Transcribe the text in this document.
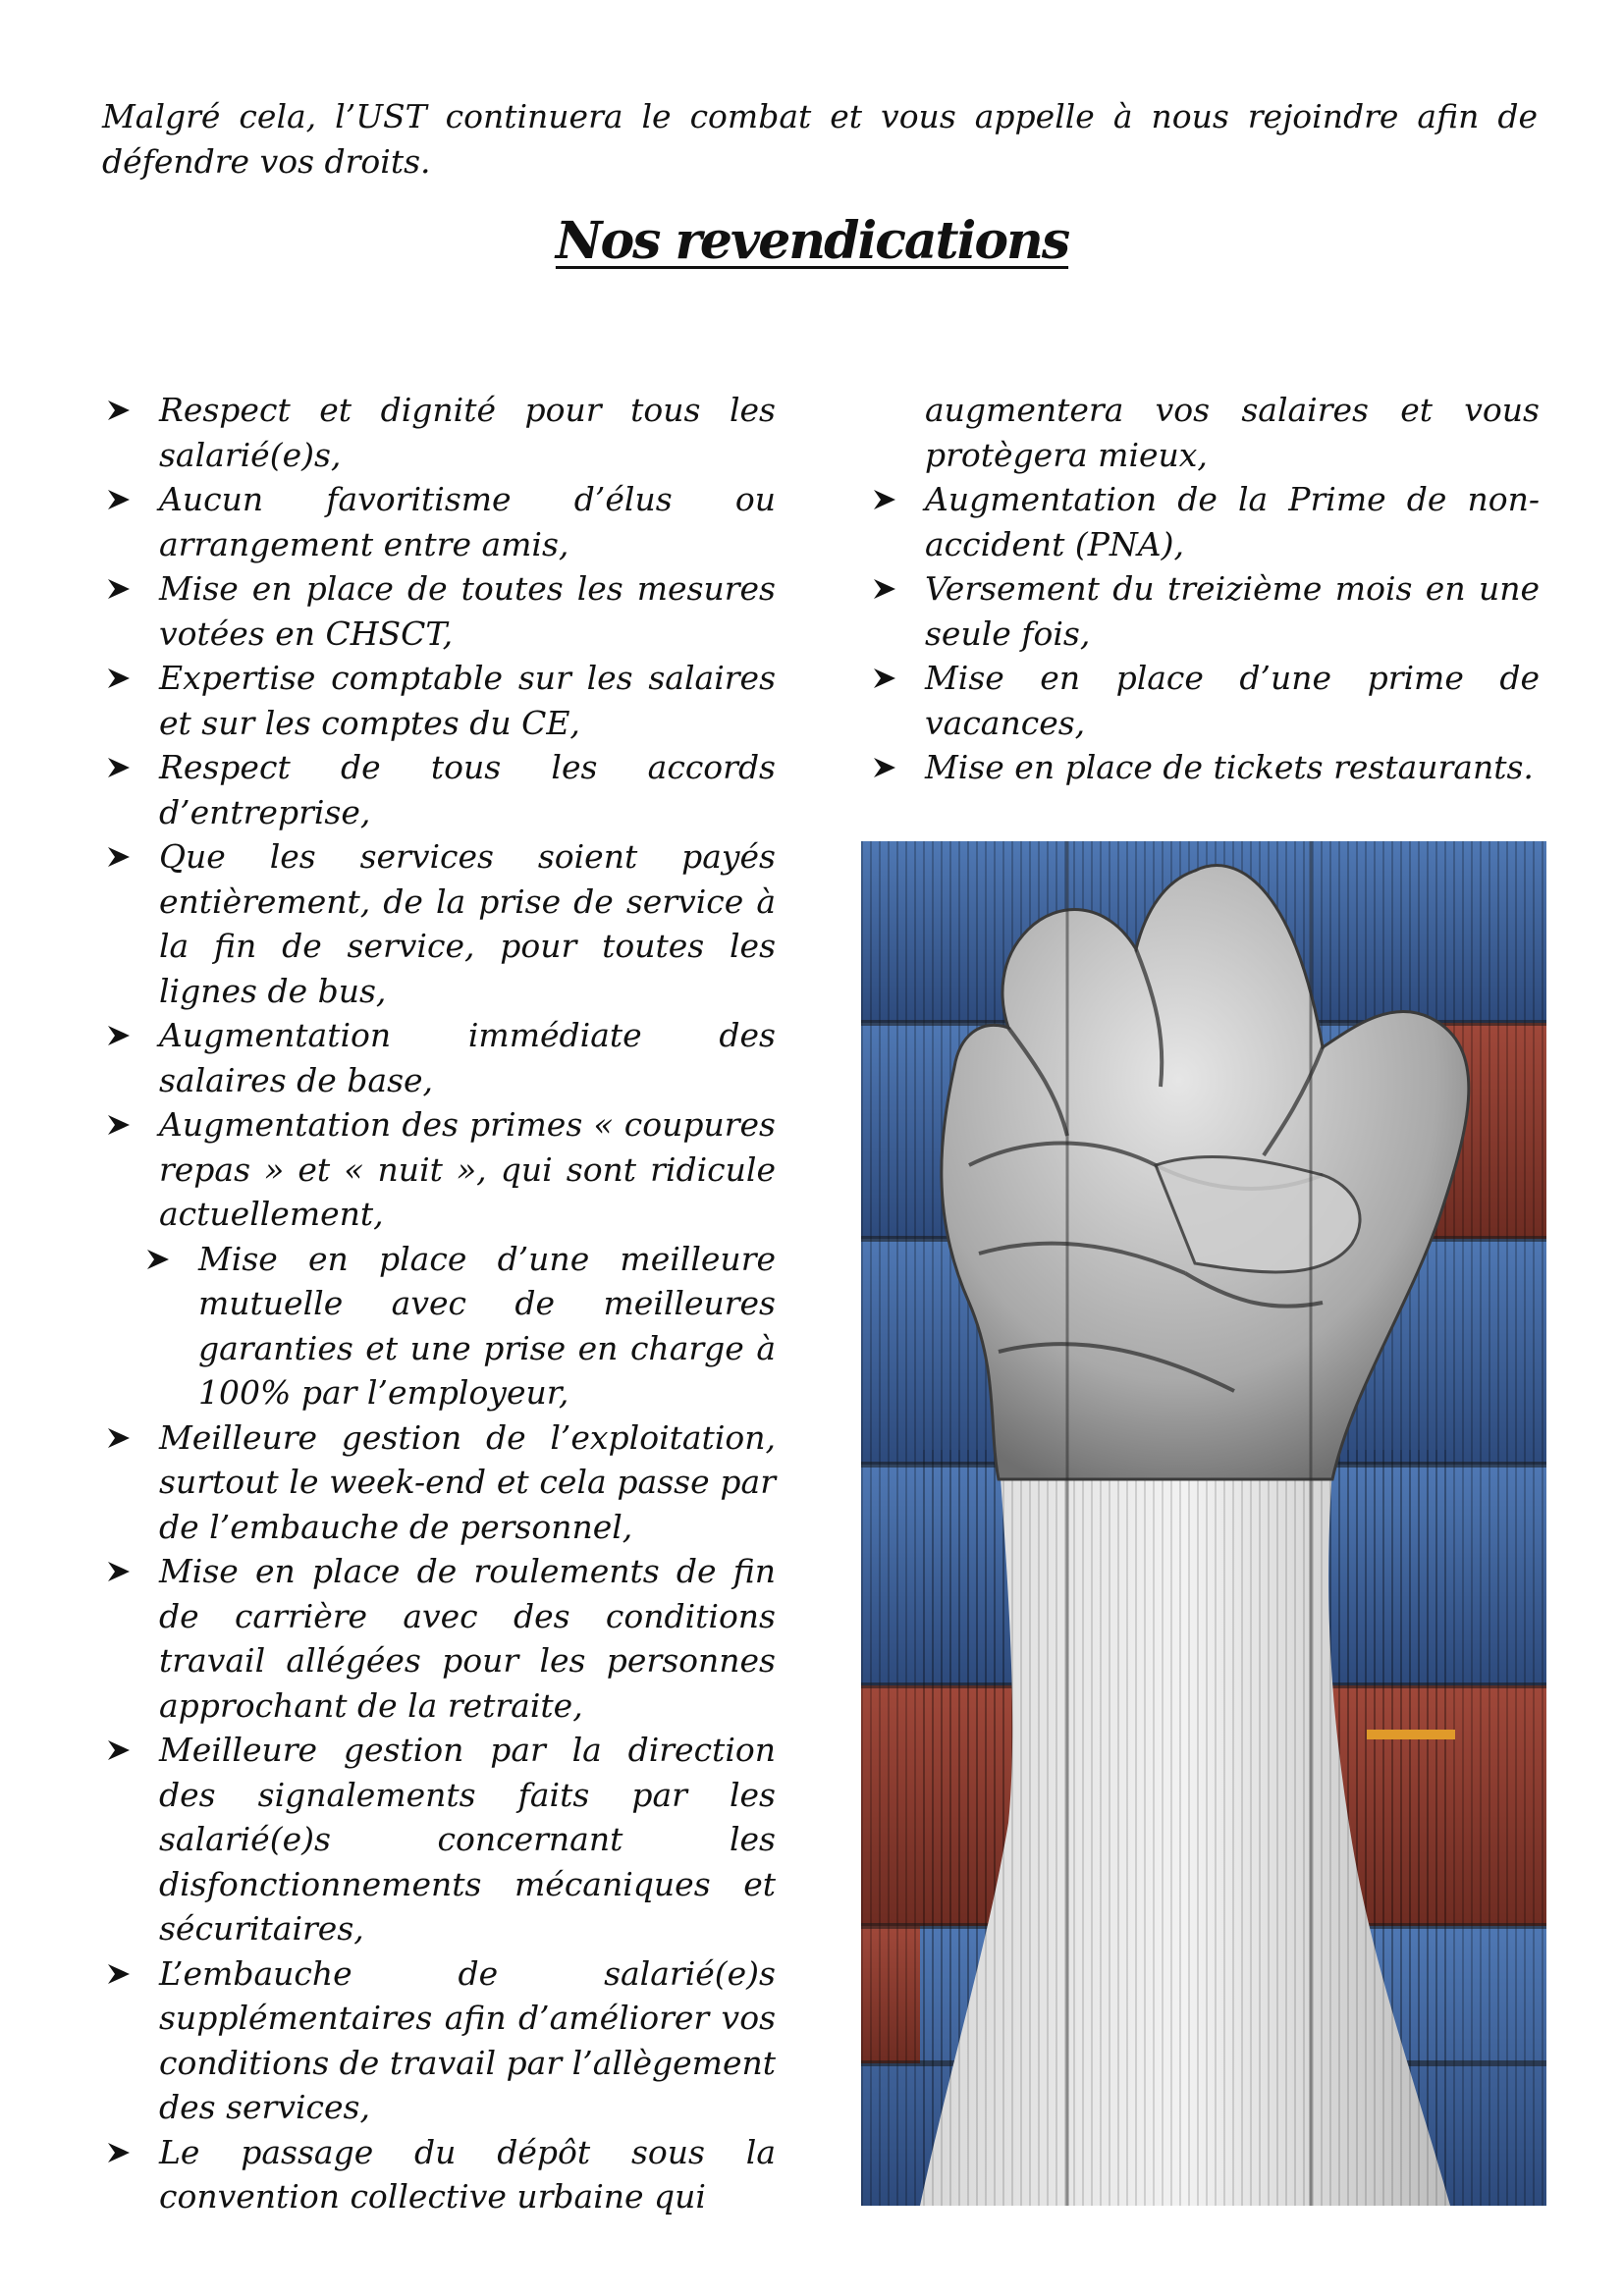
Malgré cela, l’UST continuera le combat et vous appelle à nous rejoindre afin de défendre vos droits.

Nos revendications
Respect et dignité pour tous les salarié(e)s,
Aucun favoritisme d’élus ou arrangement entre amis,
Mise en place de toutes les mesures votées en CHSCT,
Expertise comptable sur les salaires et sur les comptes du CE,
Respect de tous les accords d’entreprise,
Que les services soient payés entièrement, de la prise de service à la fin de service, pour toutes les lignes de bus,
Augmentation immédiate des salaires de base,
Augmentation des primes « coupures repas » et « nuit », qui sont ridicule actuellement,
Mise en place d’une meilleure mutuelle avec de meilleures garanties et une prise en charge à 100% par l’employeur,
Meilleure gestion de l’exploitation, surtout le week-end et cela passe par de l’embauche de personnel,
Mise en place de roulements de fin de carrière avec des conditions travail allégées pour les personnes approchant de la retraite,
Meilleure gestion par la direction des signalements faits par les salarié(e)s concernant les disfonctionnements mécaniques et sécuritaires,
L’embauche de salarié(e)s supplémentaires afin d’améliorer vos conditions de travail par l’allègement des services,
Le passage du dépôt sous la convention collective urbaine qui
augmentera vos salaires et vous protègera mieux,
Augmentation de la Prime de non-accident (PNA),
Versement du treizième mois en une seule fois,
Mise en place d’une prime de vacances,
Mise en place de tickets restaurants.
